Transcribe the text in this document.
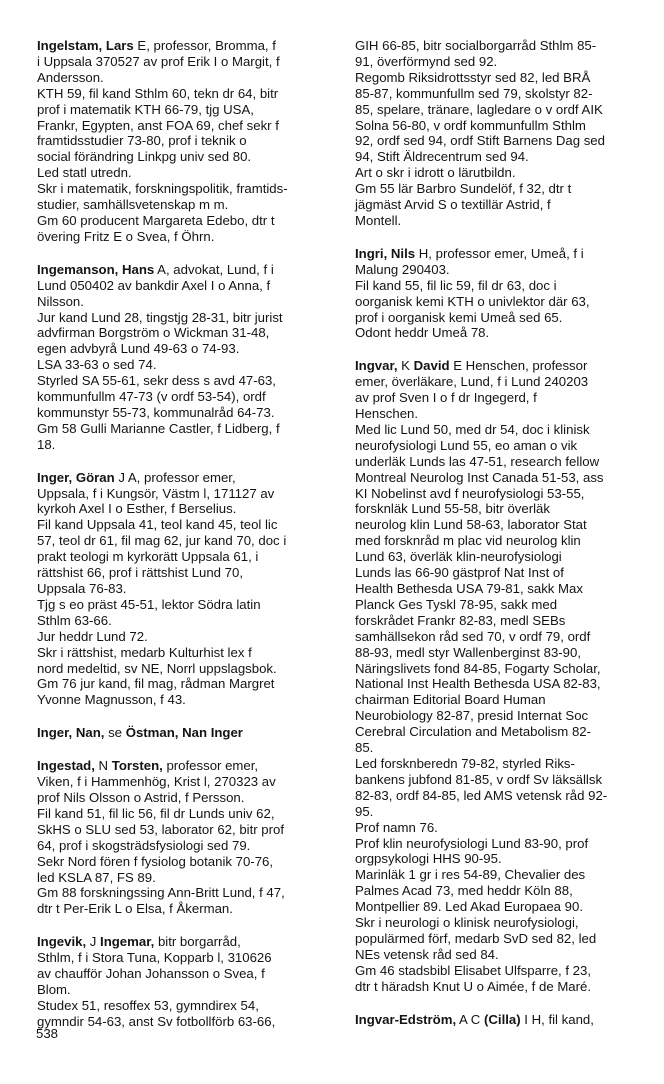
Ingelstam, Lars E, professor, Bromma, f
i Uppsala 370527 av prof Erik I o Margit, f
Andersson.
KTH 59, fil kand Sthlm 60, tekn dr 64, bitr
prof i matematik KTH 66-79, tjg USA,
Frankr, Egypten, anst FOA 69, chef sekr f
framtidsstudier 73-80, prof i teknik o
social förändring Linkpg univ sed 80.
Led statl utredn.
Skr i matematik, forskningspolitik, framtids-
studier, samhällsvetenskap m m.
Gm 60 producent Margareta Edebo, dtr t
övering Fritz E o Svea, f Öhrn.
Ingemanson, Hans A, advokat, Lund, f i
Lund 050402 av bankdir Axel I o Anna, f
Nilsson.
Jur kand Lund 28, tingstjg 28-31, bitr jurist
advfirman Borgström o Wickman 31-48,
egen advbyrå Lund 49-63 o 74-93.
LSA 33-63 o sed 74.
Styrled SA 55-61, sekr dess s avd 47-63,
kommunfullm 47-73 (v ordf 53-54), ordf
kommunstyr 55-73, kommunalråd 64-73.
Gm 58 Gulli Marianne Castler, f Lidberg, f
18.
Inger, Göran J A, professor emer,
Uppsala, f i Kungsör, Västm l, 171127 av
kyrkoh Axel I o Esther, f Berselius.
Fil kand Uppsala 41, teol kand 45, teol lic
57, teol dr 61, fil mag 62, jur kand 70, doc i
prakt teologi m kyrkorätt Uppsala 61, i
rättshist 66, prof i rättshist Lund 70,
Uppsala 76-83.
Tjg s eo präst 45-51, lektor Södra latin
Sthlm 63-66.
Jur heddr Lund 72.
Skr i rättshist, medarb Kulturhist lex f
nord medeltid, sv NE, Norrl uppslagsbok.
Gm 76 jur kand, fil mag, rådman Margret
Yvonne Magnusson, f 43.
Inger, Nan, se Östman, Nan Inger
Ingestad, N Torsten, professor emer,
Viken, f i Hammenhög, Krist l, 270323 av
prof Nils Olsson o Astrid, f Persson.
Fil kand 51, fil lic 56, fil dr Lunds univ 62,
SkHS o SLU sed 53, laborator 62, bitr prof
64, prof i skogsträdsfysiologi sed 79.
Sekr Nord fören f fysiolog botanik 70-76,
led KSLA 87, FS 89.
Gm 88 forskningssing Ann-Britt Lund, f 47,
dtr t Per-Erik L o Elsa, f Åkerman.
Ingevik, J Ingemar, bitr borgarråd,
Sthlm, f i Stora Tuna, Kopparb l, 310626
av chaufför Johan Johansson o Svea, f
Blom.
Studex 51, resoffex 53, gymndirex 54,
gymndir 54-63, anst Sv fotbollförb 63-66,
GIH 66-85, bitr socialborgarråd Sthlm 85-
91, överförmynd sed 92.
Regomb Riksidrottsstyr sed 82, led BRÅ
85-87, kommunfullm sed 79, skolstyr 82-
85, spelare, tränare, lagledare o v ordf AIK
Solna 56-80, v ordf kommunfullm Sthlm
92, ordf sed 94, ordf Stift Barnens Dag sed
94, Stift Äldrecentrum sed 94.
Art o skr i idrott o lärutbildn.
Gm 55 lär Barbro Sundelöf, f 32, dtr t
jägmäst Arvid S o textillär Astrid, f
Montell.
Ingri, Nils H, professor emer, Umeå, f i
Malung 290403.
Fil kand 55, fil lic 59, fil dr 63, doc i
oorganisk kemi KTH o univlektor där 63,
prof i oorganisk kemi Umeå sed 65.
Odont heddr Umeå 78.
Ingvar, K David E Henschen, professor
emer, överläkare, Lund, f i Lund 240203
av prof Sven I o f dr Ingegerd, f
Henschen.
Med lic Lund 50, med dr 54, doc i klinisk
neurofysiologi Lund 55, eo aman o vik
underläk Lunds las 47-51, research fellow
Montreal Neurolog Inst Canada 51-53, ass
KI Nobelinst avd f neurofysiologi 53-55,
forsknläk Lund 55-58, bitr överläk
neurolog klin Lund 58-63, laborator Stat
med forsknråd m plac vid neurolog klin
Lund 63, överläk klin-neurofysiologi
Lunds las 66-90 gästprof Nat Inst of
Health Bethesda USA 79-81, sakk Max
Planck Ges Tyskl 78-95, sakk med
forskrådet Frankr 82-83, medl SEBs
samhällsekon råd sed 70, v ordf 79, ordf
88-93, medl styr Wallenberginst 83-90,
Näringslivets fond 84-85, Fogarty Scholar,
National Inst Health Bethesda USA 82-83,
chairman Editorial Board Human
Neurobiology 82-87, presid Internat Soc
Cerebral Circulation and Metabolism 82-
85.
Led forsknberedn 79-82, styrled Riks-
bankens jubfond 81-85, v ordf Sv läksällsk
82-83, ordf 84-85, led AMS vetensk råd 92-
95.
Prof namn 76.
Prof klin neurofysiologi Lund 83-90, prof
orgpsykologi HHS 90-95.
Marinläk 1 gr i res 54-89, Chevalier des
Palmes Acad 73, med heddr Köln 88,
Montpellier 89. Led Akad Europaea 90.
Skr i neurologi o klinisk neurofysiologi,
populärmed förf, medarb SvD sed 82, led
NEs vetensk råd sed 84.
Gm 46 stadsbibl Elisabet Ulfsparre, f 23,
dtr t häradsh Knut U o Aimée, f de Maré.
Ingvar-Edström, A C (Cilla) I H, fil kand,
538
